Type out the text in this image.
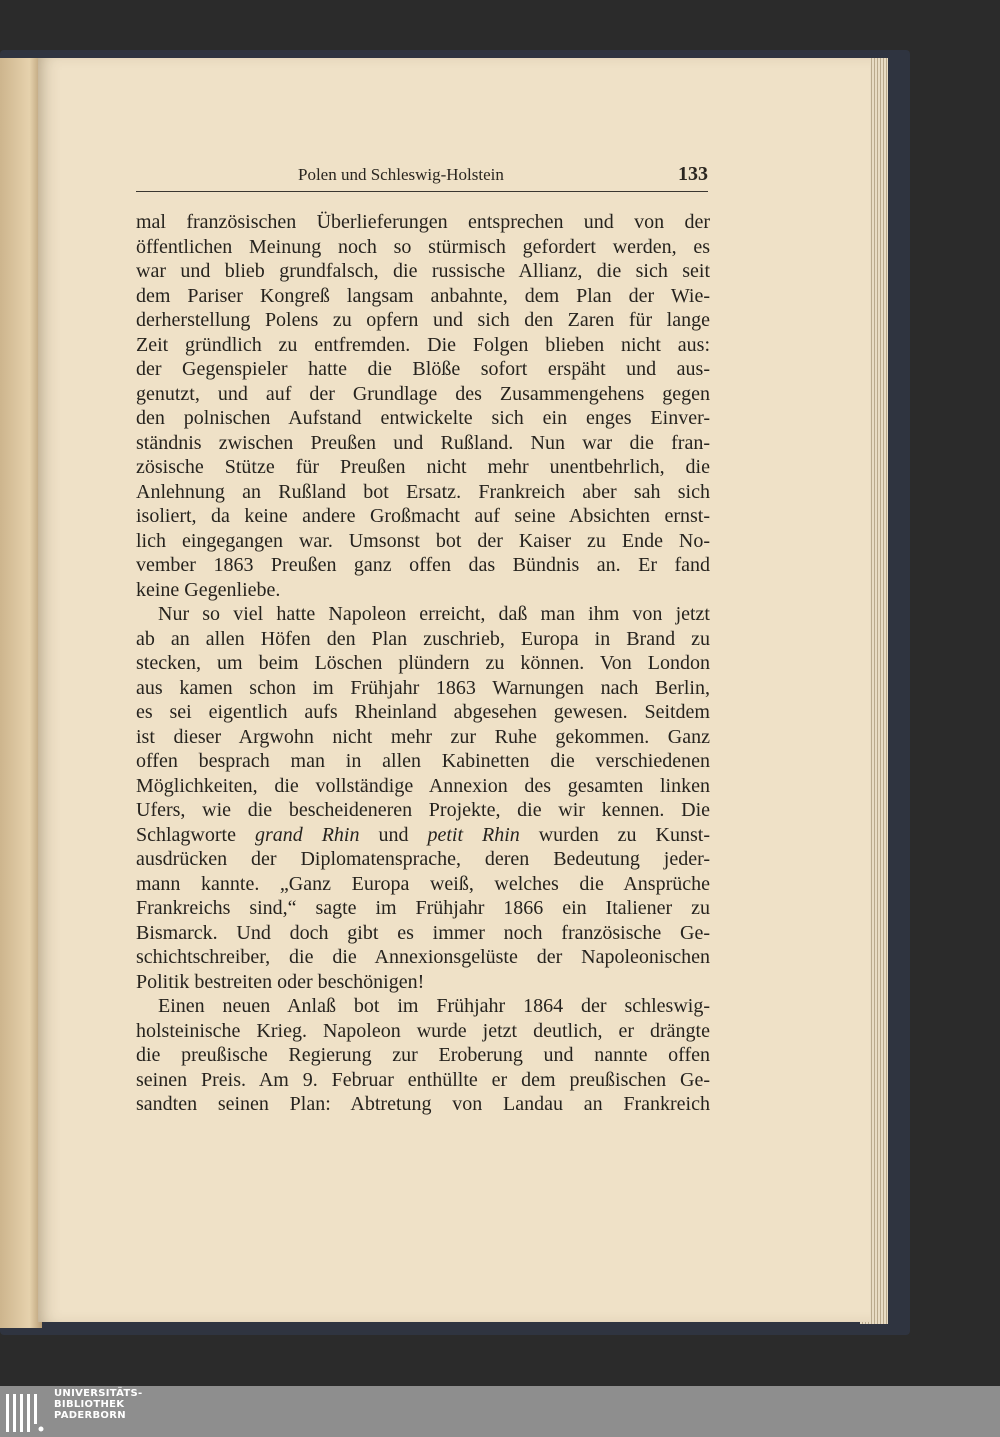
Polen und Schleswig-Holstein	133
mal französischen Überlieferungen entsprechen und von der
öffentlichen Meinung noch so stürmisch gefordert werden, es
war und blieb grundfalsch, die russische Allianz, die sich seit
dem Pariser Kongreß langsam anbahnte, dem Plan der Wie-
derherstellung Polens zu opfern und sich den Zaren für lange
Zeit gründlich zu entfremden. Die Folgen blieben nicht aus:
der Gegenspieler hatte die Blöße sofort erspäht und aus-
genutzt, und auf der Grundlage des Zusammengehens gegen
den polnischen Aufstand entwickelte sich ein enges Einver-
ständnis zwischen Preußen und Rußland. Nun war die fran-
zösische Stütze für Preußen nicht mehr unentbehrlich, die
Anlehnung an Rußland bot Ersatz. Frankreich aber sah sich
isoliert, da keine andere Großmacht auf seine Absichten ernst-
lich eingegangen war. Umsonst bot der Kaiser zu Ende No-
vember 1863 Preußen ganz offen das Bündnis an. Er fand
keine Gegenliebe.
Nur so viel hatte Napoleon erreicht, daß man ihm von jetzt
ab an allen Höfen den Plan zuschrieb, Europa in Brand zu
stecken, um beim Löschen plündern zu können. Von London
aus kamen schon im Frühjahr 1863 Warnungen nach Berlin,
es sei eigentlich aufs Rheinland abgesehen gewesen. Seitdem
ist dieser Argwohn nicht mehr zur Ruhe gekommen. Ganz
offen besprach man in allen Kabinetten die verschiedenen
Möglichkeiten, die vollständige Annexion des gesamten linken
Ufers, wie die bescheideneren Projekte, die wir kennen. Die
Schlagworte grand Rhin und petit Rhin wurden zu Kunst-
ausdrücken der Diplomatensprache, deren Bedeutung jeder-
mann kannte. „Ganz Europa weiß, welches die Ansprüche
Frankreichs sind,“ sagte im Frühjahr 1866 ein Italiener zu
Bismarck. Und doch gibt es immer noch französische Ge-
schichtschreiber, die die Annexionsgelüste der Napoleonischen
Politik bestreiten oder beschönigen!
Einen neuen Anlaß bot im Frühjahr 1864 der schleswig-
holsteinische Krieg. Napoleon wurde jetzt deutlich, er drängte
die preußische Regierung zur Eroberung und nannte offen
seinen Preis. Am 9. Februar enthüllte er dem preußischen Ge-
sandten seinen Plan: Abtretung von Landau an Frankreich
UNIVERSITÄTS-
BIBLIOTHEK
PADERBORN
